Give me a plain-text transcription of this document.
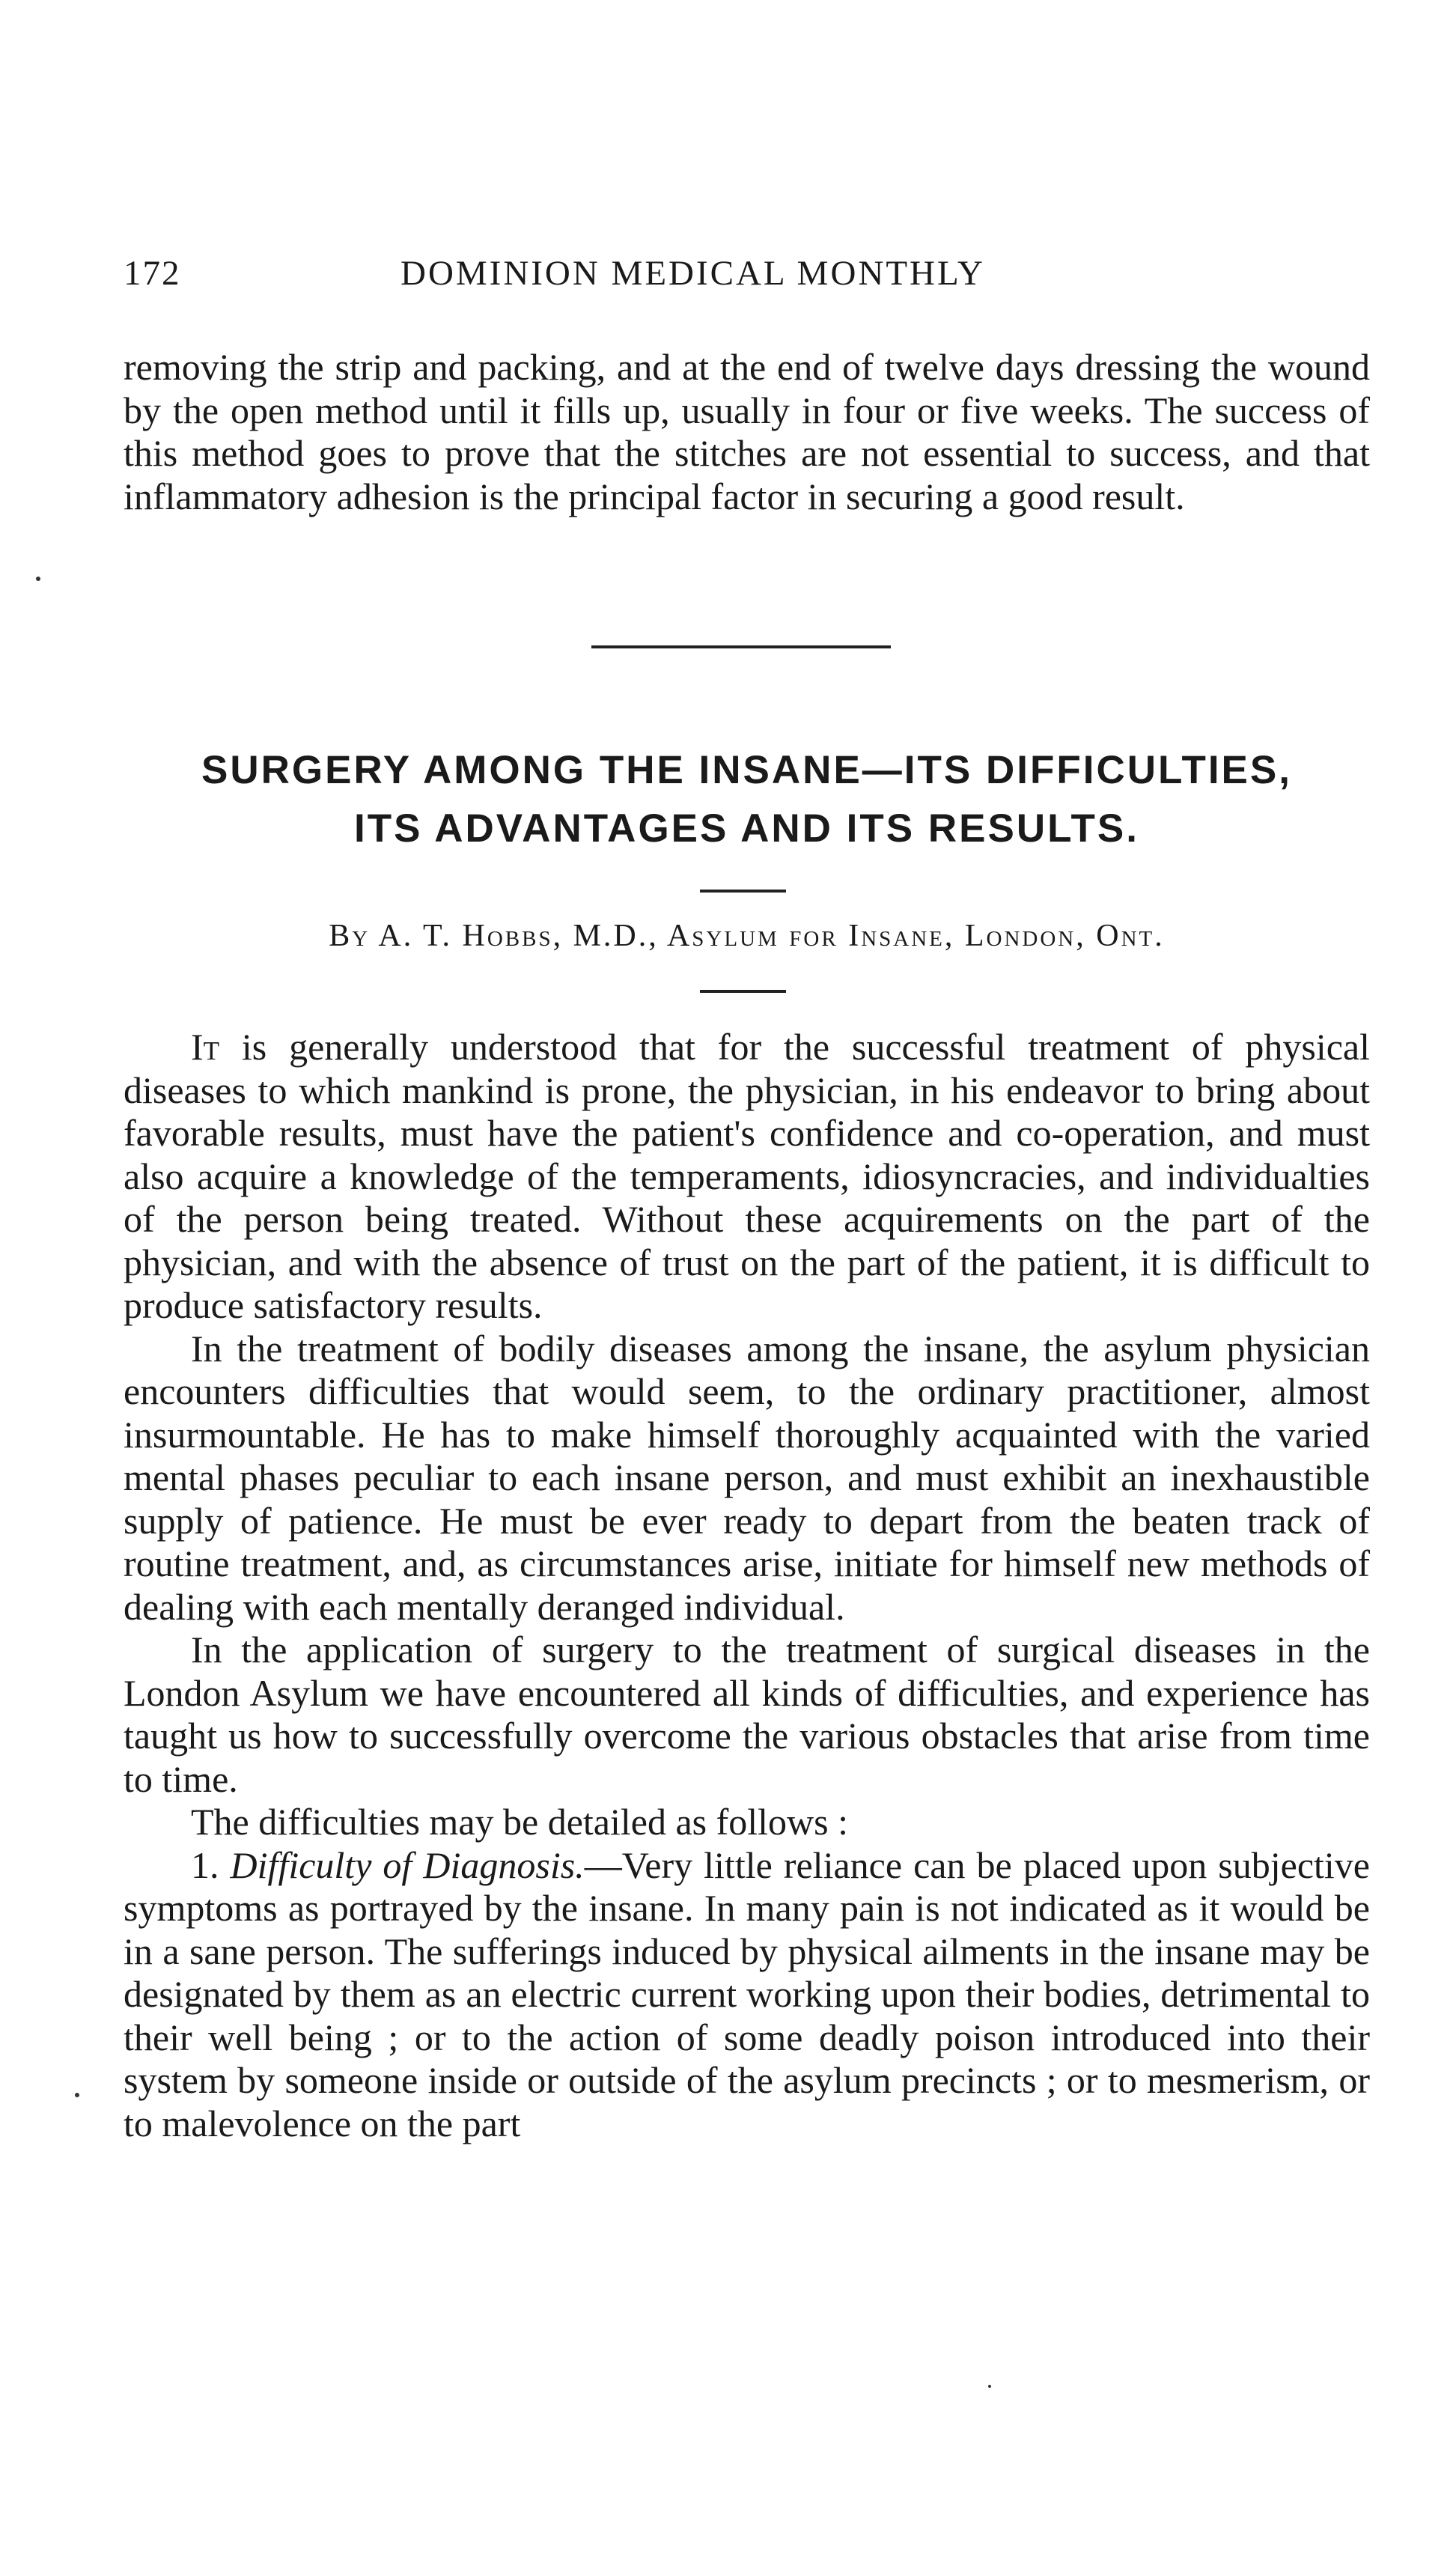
172	DOMINION MEDICAL MONTHLY

removing the strip and packing, and at the end of twelve days dressing the wound by the open method until it fills up, usually in four or five weeks. The success of this method goes to prove that the stitches are not essential to success, and that inflammatory adhesion is the principal factor in securing a good result.

SURGERY AMONG THE INSANE—ITS DIFFICULTIES,
ITS ADVANTAGES AND ITS RESULTS.
By A. T. Hobbs, M.D., Asylum for Insane, London, Ont.

It is generally understood that for the successful treatment of physical diseases to which mankind is prone, the physician, in his endeavor to bring about favorable results, must have the patient's confidence and co-operation, and must also acquire a knowledge of the temperaments, idiosyncracies, and individualties of the person being treated. Without these acquirements on the part of the physician, and with the absence of trust on the part of the patient, it is difficult to produce satisfactory results.

In the treatment of bodily diseases among the insane, the asylum physician encounters difficulties that would seem, to the ordinary practitioner, almost insurmountable. He has to make himself thoroughly acquainted with the varied mental phases peculiar to each insane person, and must exhibit an inexhaustible supply of patience. He must be ever ready to depart from the beaten track of routine treatment, and, as circumstances arise, initiate for himself new methods of dealing with each mentally deranged individual.

In the application of surgery to the treatment of surgical diseases in the London Asylum we have encountered all kinds of difficulties, and experience has taught us how to successfully overcome the various obstacles that arise from time to time.

The difficulties may be detailed as follows :

1. Difficulty of Diagnosis.—Very little reliance can be placed upon subjective symptoms as portrayed by the insane. In many pain is not indicated as it would be in a sane person. The sufferings induced by physical ailments in the insane may be designated by them as an electric current working upon their bodies, detrimental to their well being ; or to the action of some deadly poison introduced into their system by someone inside or outside of the asylum precincts ; or to mesmerism, or to malevolence on the part
